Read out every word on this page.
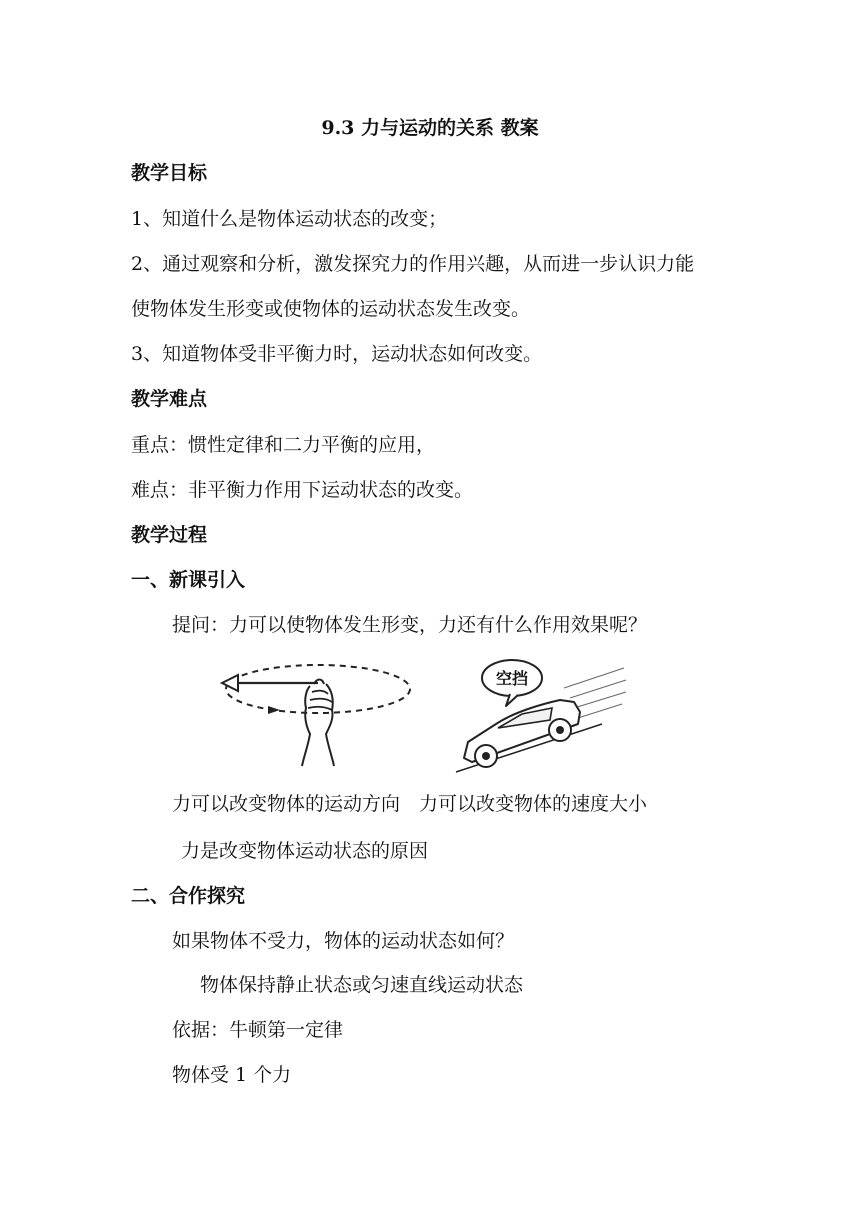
9.3 力与运动的关系 教案
教学目标
1、知道什么是物体运动状态的改变；
2、通过观察和分析，激发探究力的作用兴趣，从而进一步认识力能
使物体发生形变或使物体的运动状态发生改变。
3、知道物体受非平衡力时，运动状态如何改变。
教学难点
重点：惯性定律和二力平衡的应用，
难点：非平衡力作用下运动状态的改变。
教学过程
一、新课引入
提问：力可以使物体发生形变，力还有什么作用效果呢？
空挡
力可以改变物体的运动方向　力可以改变物体的速度大小
力是改变物体运动状态的原因
二、合作探究
如果物体不受力，物体的运动状态如何？
物体保持静止状态或匀速直线运动状态
依据：牛顿第一定律
物体受 1 个力
